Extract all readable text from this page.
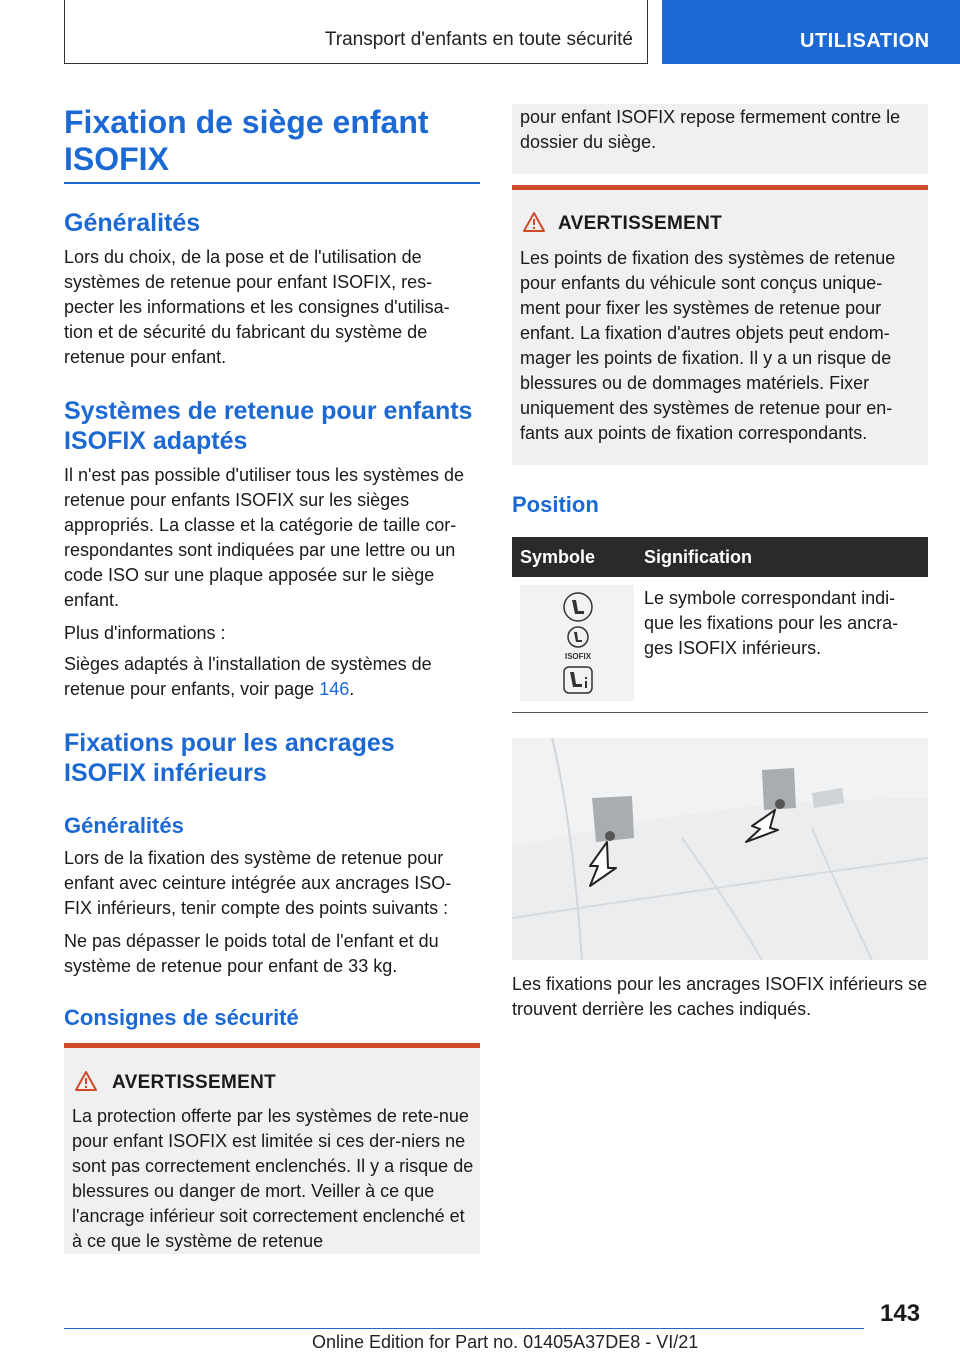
Transport d'enfants en toute sécurité	UTILISATION
Fixation de siège enfant ISOFIX
Généralités

Lors du choix, de la pose et de l'utilisation de systèmes de retenue pour enfant ISOFIX, res-pecter les informations et les consignes d'utilisa-tion et de sécurité du fabricant du système de retenue pour enfant.

Systèmes de retenue pour enfants ISOFIX adaptés

Il n'est pas possible d'utiliser tous les systèmes de retenue pour enfants ISOFIX sur les sièges appropriés. La classe et la catégorie de taille cor-respondantes sont indiquées par une lettre ou un code ISO sur une plaque apposée sur le siège enfant.

Plus d'informations :

Sièges adaptés à l'installation de systèmes de retenue pour enfants, voir page 146.

Fixations pour les ancrages ISOFIX inférieurs
Généralités

Lors de la fixation des système de retenue pour enfant avec ceinture intégrée aux ancrages ISO-FIX inférieurs, tenir compte des points suivants :

Ne pas dépasser le poids total de l'enfant et du système de retenue pour enfant de 33 kg.

Consignes de sécurité
AVERTISSEMENT

La protection offerte par les systèmes de rete-nue pour enfant ISOFIX est limitée si ces der-niers ne sont pas correctement enclenchés. Il y a risque de blessures ou danger de mort. Veiller à ce que l'ancrage inférieur soit correctement enclenché et à ce que le système de retenue

pour enfant ISOFIX repose fermement contre le dossier du siège.

AVERTISSEMENT

Les points de fixation des systèmes de retenue pour enfants du véhicule sont conçus unique-ment pour fixer les systèmes de retenue pour enfant. La fixation d'autres objets peut endom-mager les points de fixation. Il y a un risque de blessures ou de dommages matériels. Fixer uniquement des systèmes de retenue pour en-fants aux points de fixation correspondants.

Position
Symbole	Signification
ISOFIX

Le symbole correspondant indi-que les fixations pour les ancra-ges ISOFIX inférieurs.

Les fixations pour les ancrages ISOFIX inférieurs se trouvent derrière les caches indiqués.

143
Online Edition for Part no. 01405A37DE8 - VI/21
